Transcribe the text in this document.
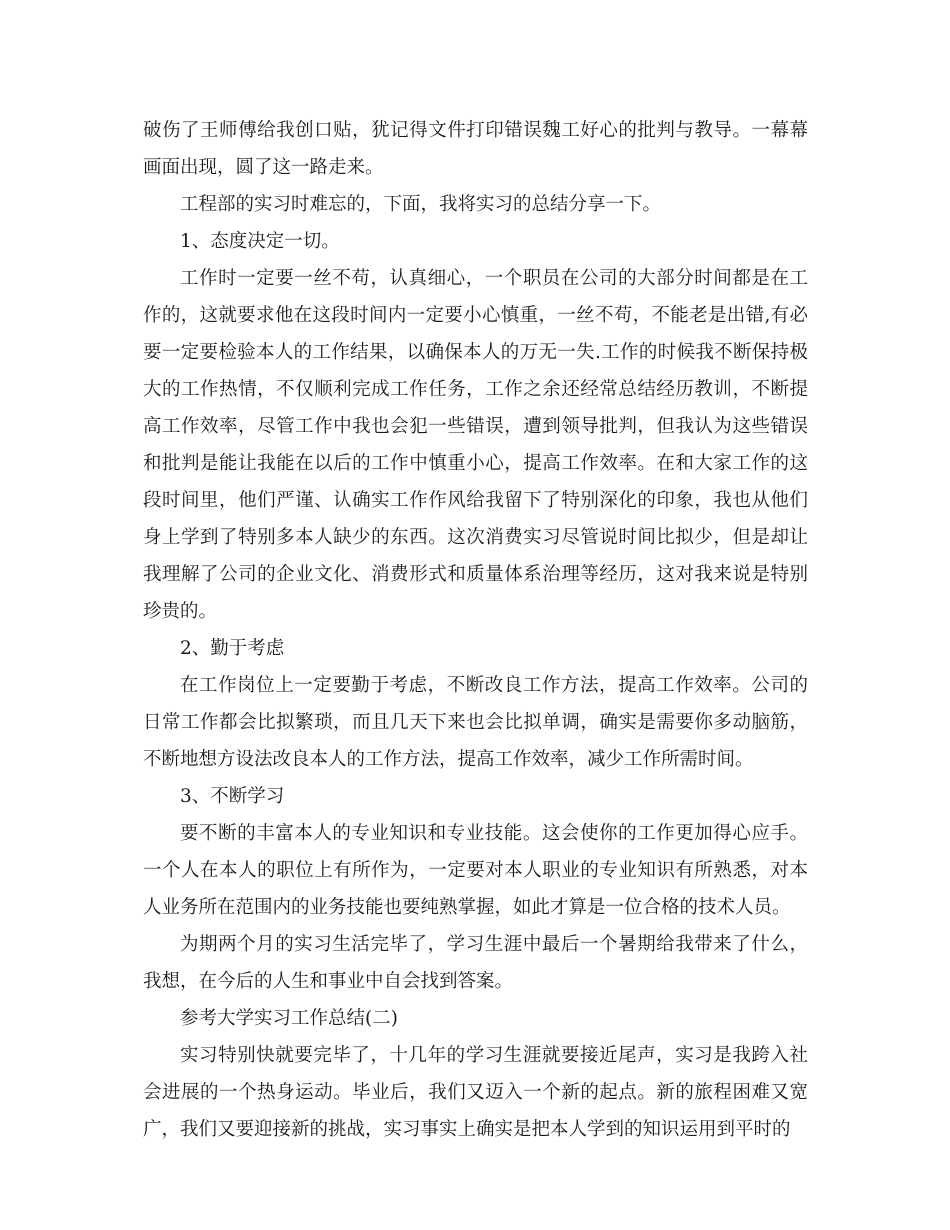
破伤了王师傅给我创口贴，犹记得文件打印错误魏工好心的批判与教导。一幕幕画面出现，圆了这一路走来。

工程部的实习时难忘的，下面，我将实习的总结分享一下。

1、态度决定一切。

工作时一定要一丝不苟，认真细心，一个职员在公司的大部分时间都是在工作的，这就要求他在这段时间内一定要小心慎重，一丝不苟，不能老是出错,有必要一定要检验本人的工作结果，以确保本人的万无一失.工作的时候我不断保持极大的工作热情，不仅顺利完成工作任务，工作之余还经常总结经历教训，不断提高工作效率，尽管工作中我也会犯一些错误，遭到领导批判，但我认为这些错误和批判是能让我能在以后的工作中慎重小心，提高工作效率。在和大家工作的这段时间里，他们严谨、认确实工作作风给我留下了特别深化的印象，我也从他们身上学到了特别多本人缺少的东西。这次消费实习尽管说时间比拟少，但是却让我理解了公司的企业文化、消费形式和质量体系治理等经历，这对我来说是特别珍贵的。

2、勤于考虑

在工作岗位上一定要勤于考虑，不断改良工作方法，提高工作效率。公司的日常工作都会比拟繁琐，而且几天下来也会比拟单调，确实是需要你多动脑筋，不断地想方设法改良本人的工作方法，提高工作效率，减少工作所需时间。

3、不断学习

要不断的丰富本人的专业知识和专业技能。这会使你的工作更加得心应手。一个人在本人的职位上有所作为，一定要对本人职业的专业知识有所熟悉，对本人业务所在范围内的业务技能也要纯熟掌握，如此才算是一位合格的技术人员。

为期两个月的实习生活完毕了，学习生涯中最后一个暑期给我带来了什么，我想，在今后的人生和事业中自会找到答案。

参考大学实习工作总结(二)

实习特别快就要完毕了，十几年的学习生涯就要接近尾声，实习是我跨入社会进展的一个热身运动。毕业后，我们又迈入一个新的起点。新的旅程困难又宽广，我们又要迎接新的挑战，实习事实上确实是把本人学到的知识运用到平时的
